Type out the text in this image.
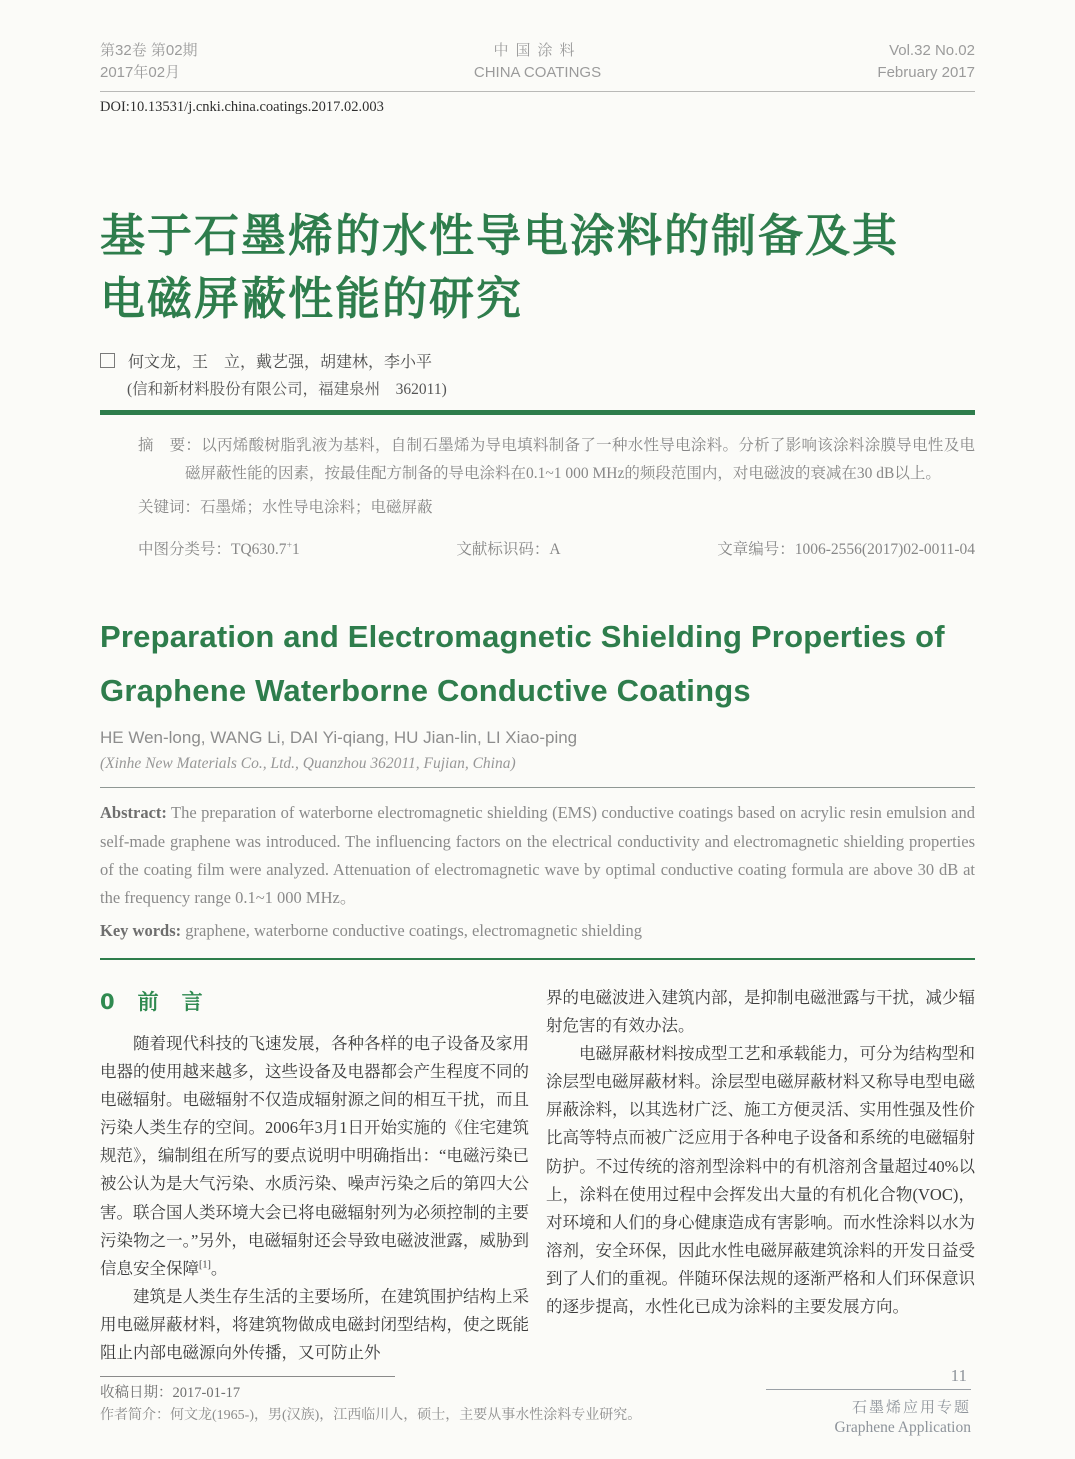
第32卷 第02期
2017年02月
中国涂料
CHINA COATINGS
Vol.32 No.02
February 2017
DOI:10.13531/j.cnki.china.coatings.2017.02.003
基于石墨烯的水性导电涂料的制备及其
电磁屏蔽性能的研究
何文龙，王　立，戴艺强，胡建林，李小平
(信和新材料股份有限公司，福建泉州　362011)

摘　要：以丙烯酸树脂乳液为基料，自制石墨烯为导电填料制备了一种水性导电涂料。分析了影响该涂料涂膜导电性及电磁屏蔽性能的因素，按最佳配方制备的导电涂料在0.1~1 000 MHz的频段范围内，对电磁波的衰减在30 dB以上。

关键词：石墨烯；水性导电涂料；电磁屏蔽

中图分类号：TQ630.7+1	文献标识码：A	文章编号：1006-2556(2017)02-0011-04
Preparation and Electromagnetic Shielding Properties of
Graphene Waterborne Conductive Coatings
HE Wen-long, WANG Li, DAI Yi-qiang, HU Jian-lin, LI Xiao-ping
(Xinhe New Materials Co., Ltd., Quanzhou 362011, Fujian, China)

Abstract: The preparation of waterborne electromagnetic shielding (EMS) conductive coatings based on acrylic resin emulsion and self-made graphene was introduced. The influencing factors on the electrical conductivity and electromagnetic shielding properties of the coating film were analyzed. Attenuation of electromagnetic wave by optimal conductive coating formula are above 30 dB at the frequency range 0.1~1 000 MHz。

Key words: graphene, waterborne conductive coatings, electromagnetic shielding

0　前　言

随着现代科技的飞速发展，各种各样的电子设备及家用电器的使用越来越多，这些设备及电器都会产生程度不同的电磁辐射。电磁辐射不仅造成辐射源之间的相互干扰，而且污染人类生存的空间。2006年3月1日开始实施的《住宅建筑规范》，编制组在所写的要点说明中明确指出：“电磁污染已被公认为是大气污染、水质污染、噪声污染之后的第四大公害。联合国人类环境大会已将电磁辐射列为必须控制的主要污染物之一。”另外，电磁辐射还会导致电磁波泄露，威胁到信息安全保障[1]。

建筑是人类生存生活的主要场所，在建筑围护结构上采用电磁屏蔽材料，将建筑物做成电磁封闭型结构，使之既能阻止内部电磁源向外传播，又可防止外

界的电磁波进入建筑内部，是抑制电磁泄露与干扰，减少辐射危害的有效办法。

电磁屏蔽材料按成型工艺和承载能力，可分为结构型和涂层型电磁屏蔽材料。涂层型电磁屏蔽材料又称导电型电磁屏蔽涂料，以其选材广泛、施工方便灵活、实用性强及性价比高等特点而被广泛应用于各种电子设备和系统的电磁辐射防护。不过传统的溶剂型涂料中的有机溶剂含量超过40%以上，涂料在使用过程中会挥发出大量的有机化合物(VOC)，对环境和人们的身心健康造成有害影响。而水性涂料以水为溶剂，安全环保，因此水性电磁屏蔽建筑涂料的开发日益受到了人们的重视。伴随环保法规的逐渐严格和人们环保意识的逐步提高，水性化已成为涂料的主要发展方向。

收稿日期：2017-01-17

作者简介：何文龙(1965-)，男(汉族)，江西临川人，硕士，主要从事水性涂料专业研究。

11

石墨烯应用专题

Graphene Application
